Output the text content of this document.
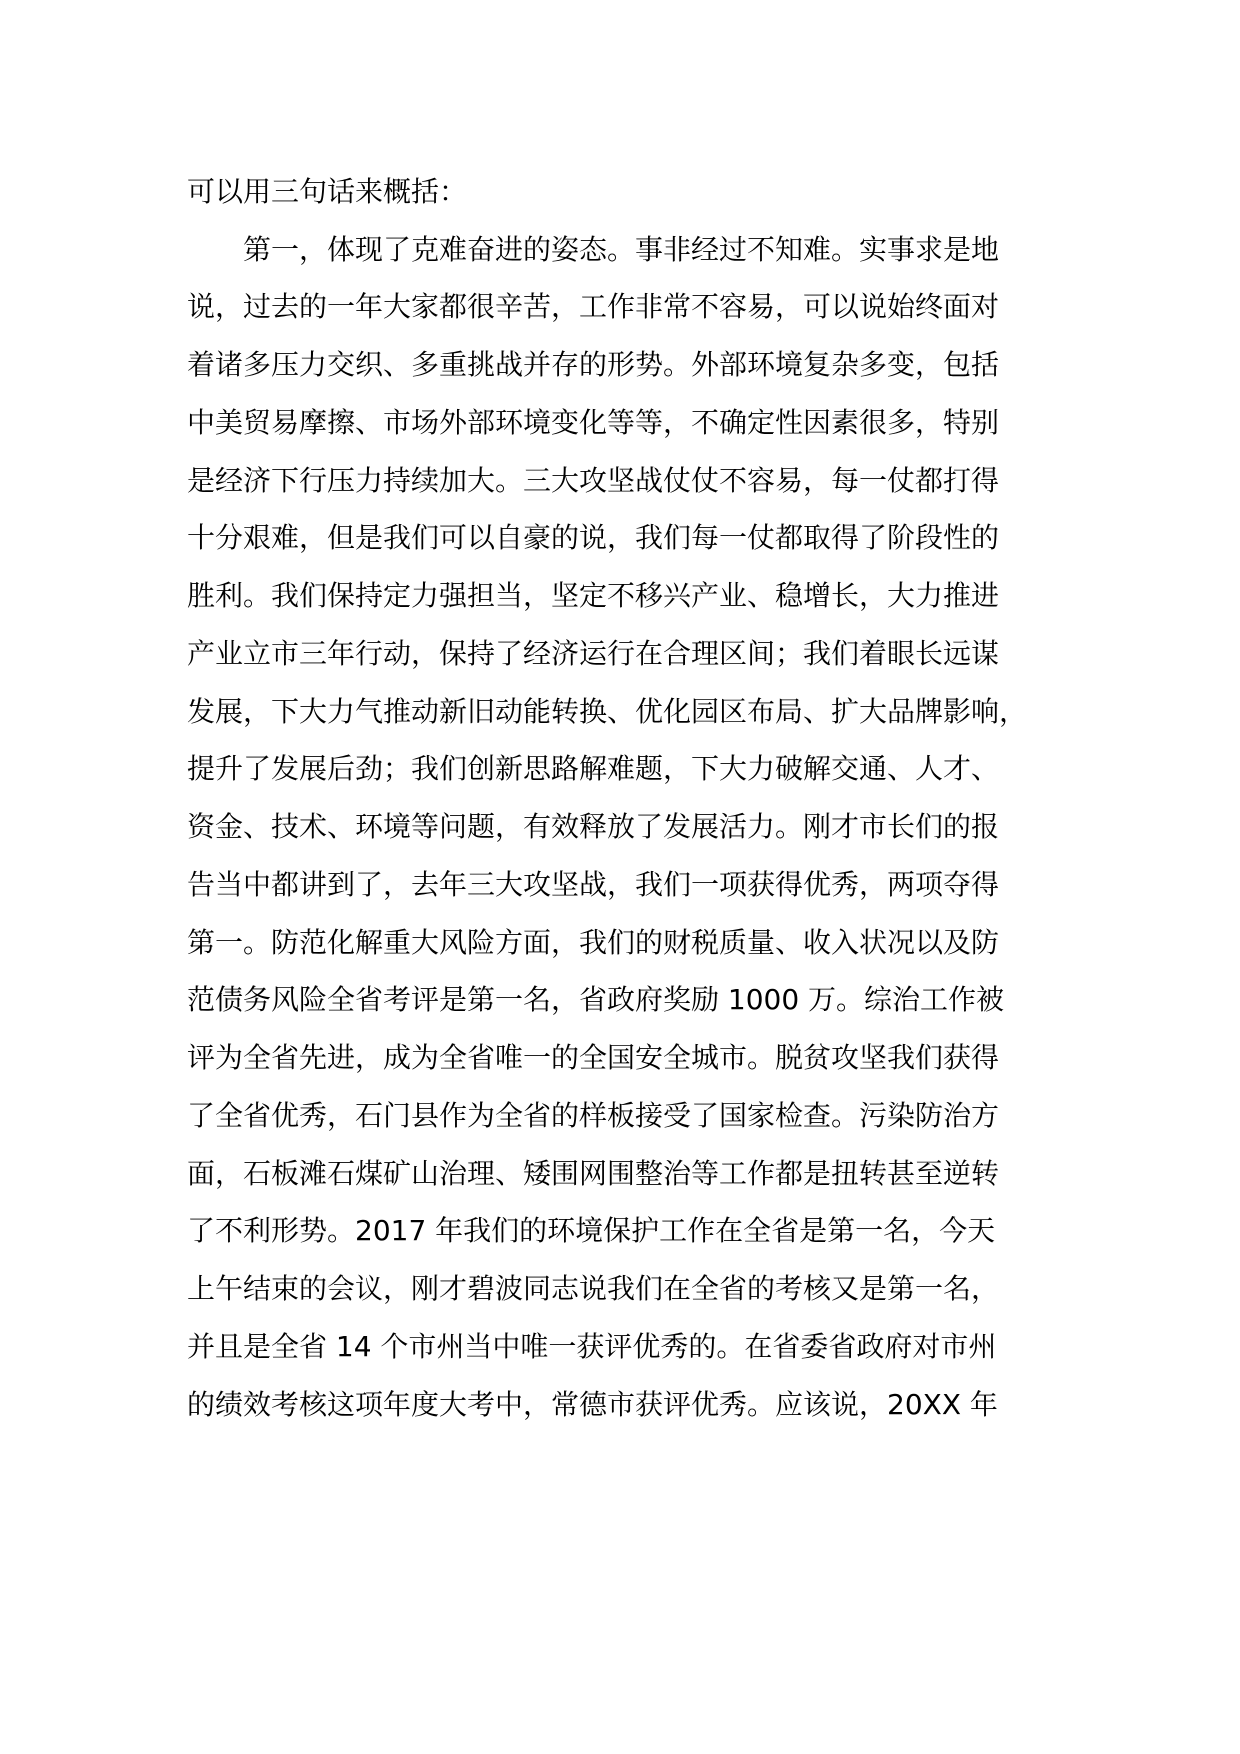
可以用三句话来概括：
　　第一，体现了克难奋进的姿态。事非经过不知难。实事求是地
说，过去的一年大家都很辛苦，工作非常不容易，可以说始终面对
着诸多压力交织、多重挑战并存的形势。外部环境复杂多变，包括
中美贸易摩擦、市场外部环境变化等等，不确定性因素很多，特别
是经济下行压力持续加大。三大攻坚战仗仗不容易，每一仗都打得
十分艰难，但是我们可以自豪的说，我们每一仗都取得了阶段性的
胜利。我们保持定力强担当，坚定不移兴产业、稳增长，大力推进
产业立市三年行动，保持了经济运行在合理区间；我们着眼长远谋
发展，下大力气推动新旧动能转换、优化园区布局、扩大品牌影响，
提升了发展后劲；我们创新思路解难题，下大力破解交通、人才、
资金、技术、环境等问题，有效释放了发展活力。刚才市长们的报
告当中都讲到了，去年三大攻坚战，我们一项获得优秀，两项夺得
第一。防范化解重大风险方面，我们的财税质量、收入状况以及防
范债务风险全省考评是第一名，省政府奖励 1000 万。综治工作被
评为全省先进，成为全省唯一的全国安全城市。脱贫攻坚我们获得
了全省优秀，石门县作为全省的样板接受了国家检查。污染防治方
面，石板滩石煤矿山治理、矮围网围整治等工作都是扭转甚至逆转
了不利形势。2017 年我们的环境保护工作在全省是第一名，今天
上午结束的会议，刚才碧波同志说我们在全省的考核又是第一名，
并且是全省 14 个市州当中唯一获评优秀的。在省委省政府对市州
的绩效考核这项年度大考中，常德市获评优秀。应该说，20XX 年
